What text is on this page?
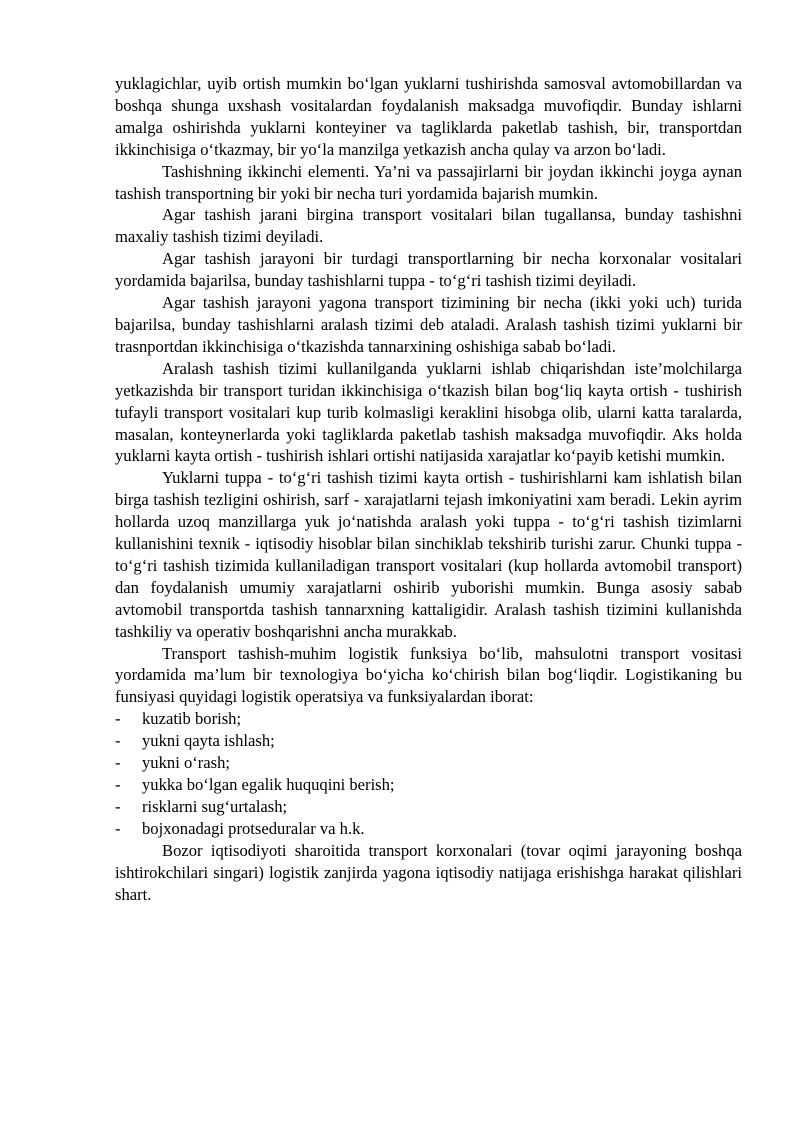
yuklagichlar, uyib ortish mumkin bo‘lgan yuklarni tushirishda samosval avtomobillardan va boshqa shunga uxshash vositalardan foydalanish maksadga muvofiqdir. Bunday ishlarni amalga oshirishda yuklarni konteyiner va tagliklarda paketlab tashish, bir, transportdan ikkinchisiga o‘tkazmay, bir yo‘la manzilga yetkazish ancha qulay va arzon bo‘ladi.

Tashishning ikkinchi elementi. Ya’ni va passajirlarni bir joydan ikkinchi joyga aynan tashish transportning bir yoki bir necha turi yordamida bajarish mumkin.

Agar tashish jarani birgina transport vositalari bilan tugallansa, bunday tashishni maxaliy tashish tizimi deyiladi.

Agar tashish jarayoni bir turdagi transportlarning bir necha korxonalar vositalari yordamida bajarilsa, bunday tashishlarni tuppa - to‘g‘ri tashish tizimi deyiladi.

Agar tashish jarayoni yagona transport tizimining bir necha (ikki yoki uch) turida bajarilsa, bunday tashishlarni aralash tizimi deb ataladi. Aralash tashish tizimi yuklarni bir trasnportdan ikkinchisiga o‘tkazishda tannarxining oshishiga sabab bo‘ladi.

Aralash tashish tizimi kullanilganda yuklarni ishlab chiqarishdan iste’molchilarga yetkazishda bir transport turidan ikkinchisiga o‘tkazish bilan bog‘liq kayta ortish - tushirish tufayli transport vositalari kup turib kolmasligi keraklini hisobga olib, ularni katta taralarda, masalan, konteynerlarda yoki tagliklarda paketlab tashish maksadga muvofiqdir. Aks holda yuklarni kayta ortish - tushirish ishlari ortishi natijasida xarajatlar ko‘payib ketishi mumkin.

Yuklarni tuppa - to‘g‘ri tashish tizimi kayta ortish - tushirishlarni kam ishlatish bilan birga tashish tezligini oshirish, sarf - xarajatlarni tejash imkoniyatini xam beradi. Lekin ayrim hollarda uzoq manzillarga yuk jo‘natishda aralash yoki tuppa - to‘g‘ri tashish tizimlarni kullanishini texnik - iqtisodiy hisoblar bilan sinchiklab tekshirib turishi zarur. Chunki tuppa - to‘g‘ri tashish tizimida kullaniladigan transport vositalari (kup hollarda avtomobil transport) dan foydalanish umumiy xarajatlarni oshirib yuborishi mumkin. Bunga asosiy sabab avtomobil transportda tashish tannarxning kattaligidir. Aralash tashish tizimini kullanishda tashkiliy va operativ boshqarishni ancha murakkab.

Transport tashish-muhim logistik funksiya bo‘lib, mahsulotni transport vositasi yordamida ma’lum bir texnologiya bo‘yicha ko‘chirish bilan bog‘liqdir. Logistikaning bu funsiyasi quyidagi logistik operatsiya va funksiyalardan iborat:

- kuzatib borish;
- yukni qayta ishlash;
- yukni o‘rash;
- yukka bo‘lgan egalik huquqini berish;
- risklarni sug‘urtalash;
- bojxonadagi protseduralar va h.k.

Bozor iqtisodiyoti sharoitida transport korxonalari (tovar oqimi jarayoning boshqa ishtirokchilari singari) logistik zanjirda yagona iqtisodiy natijaga erishishga harakat qilishlari shart.
